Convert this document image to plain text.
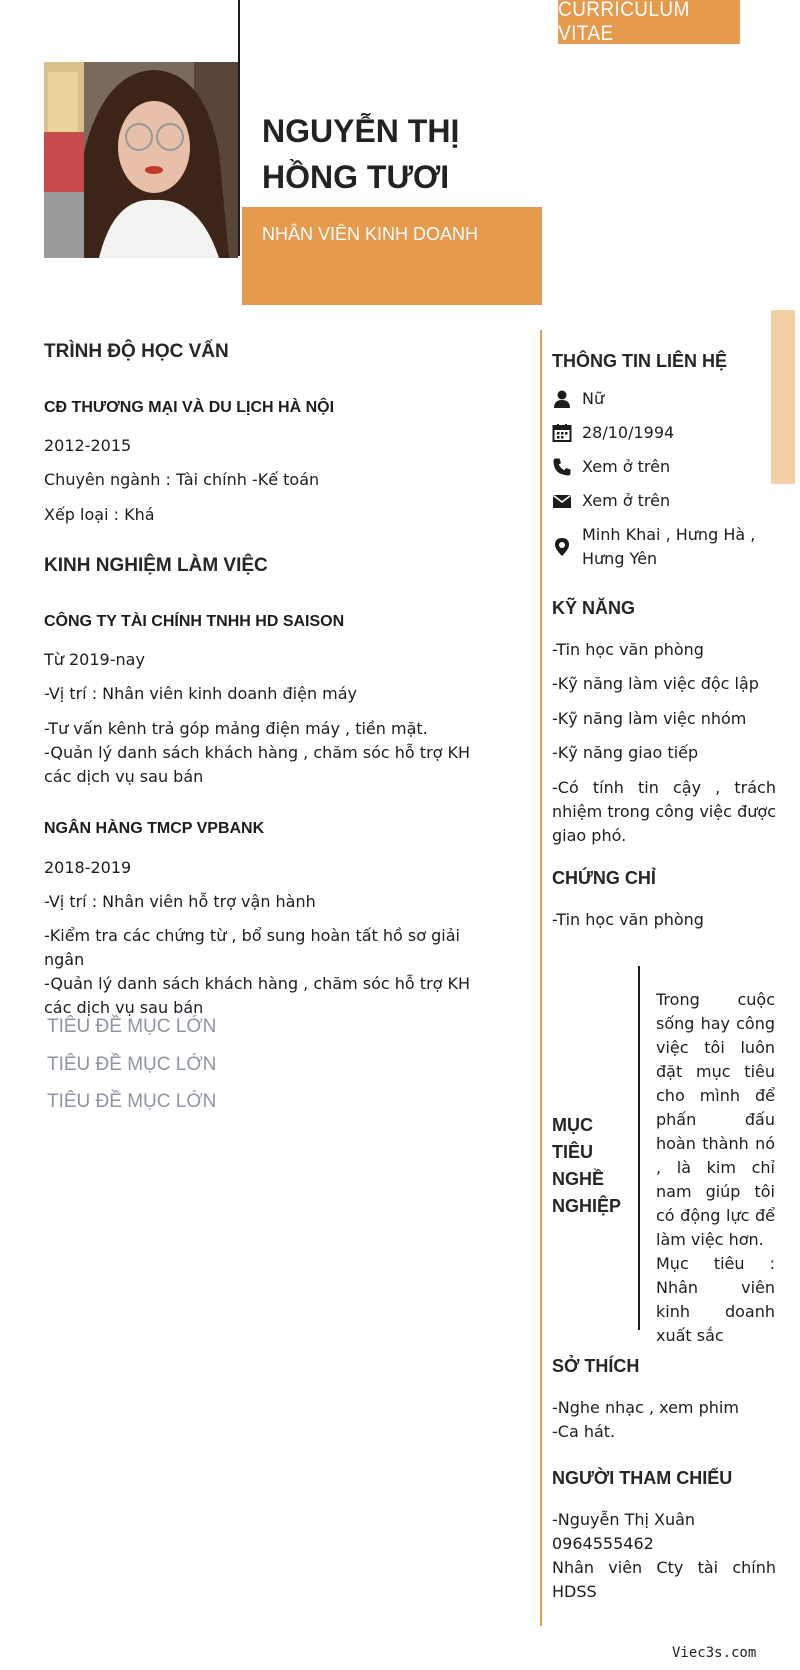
CURRICULUM VITAE
NGUYỄN THỊ
HỒNG TƯƠI
NHÂN VIÊN KINH DOANH
TRÌNH ĐỘ HỌC VẤN
CĐ THƯƠNG MẠI VÀ DU LỊCH HÀ NỘI
2012-2015
Chuyên ngành : Tài chính -Kế toán
Xếp loại : Khá
KINH NGHIỆM LÀM VIỆC
CÔNG TY TÀI CHÍNH TNHH HD SAISON
Từ 2019-nay
-Vị trí : Nhân viên kinh doanh điện máy
-Tư vấn kênh trả góp mảng điện máy , tiền mặt.
-Quản lý danh sách khách hàng , chăm sóc hỗ trợ KH các dịch vụ sau bán
NGÂN HÀNG TMCP VPBANK
2018-2019
-Vị trí : Nhân viên hỗ trợ vận hành
-Kiểm tra các chứng từ , bổ sung hoàn tất hồ sơ giải ngân
-Quản lý danh sách khách hàng , chăm sóc hỗ trợ KH các dịch vụ sau bán
TIÊU ĐỀ MỤC LỚN
TIÊU ĐỀ MỤC LỚN
TIÊU ĐỀ MỤC LỚN
THÔNG TIN LIÊN HỆ
Nữ
28/10/1994
Xem ở trên
Xem ở trên
Minh Khai , Hưng Hà , Hưng Yên
KỸ NĂNG
-Tin học văn phòng
-Kỹ năng làm việc độc lập
-Kỹ năng làm việc nhóm
-Kỹ năng giao tiếp
-Có tính tin cậy , trách nhiệm trong công việc được giao phó.
CHỨNG CHỈ
-Tin học văn phòng
MỤC TIÊU NGHỀ NGHIỆP
Trong cuộc sống hay công việc tôi luôn đặt mục tiêu cho mình để phấn đấu hoàn thành nó , là kim chỉ nam giúp tôi có động lực để làm việc hơn.
Mục tiêu : Nhân viên kinh doanh xuất sắc
SỞ THÍCH
-Nghe nhạc , xem phim
-Ca hát.
NGƯỜI THAM CHIẾU
-Nguyễn Thị Xuân
0964555462
Nhân viên Cty tài chính HDSS
Viec3s.com
